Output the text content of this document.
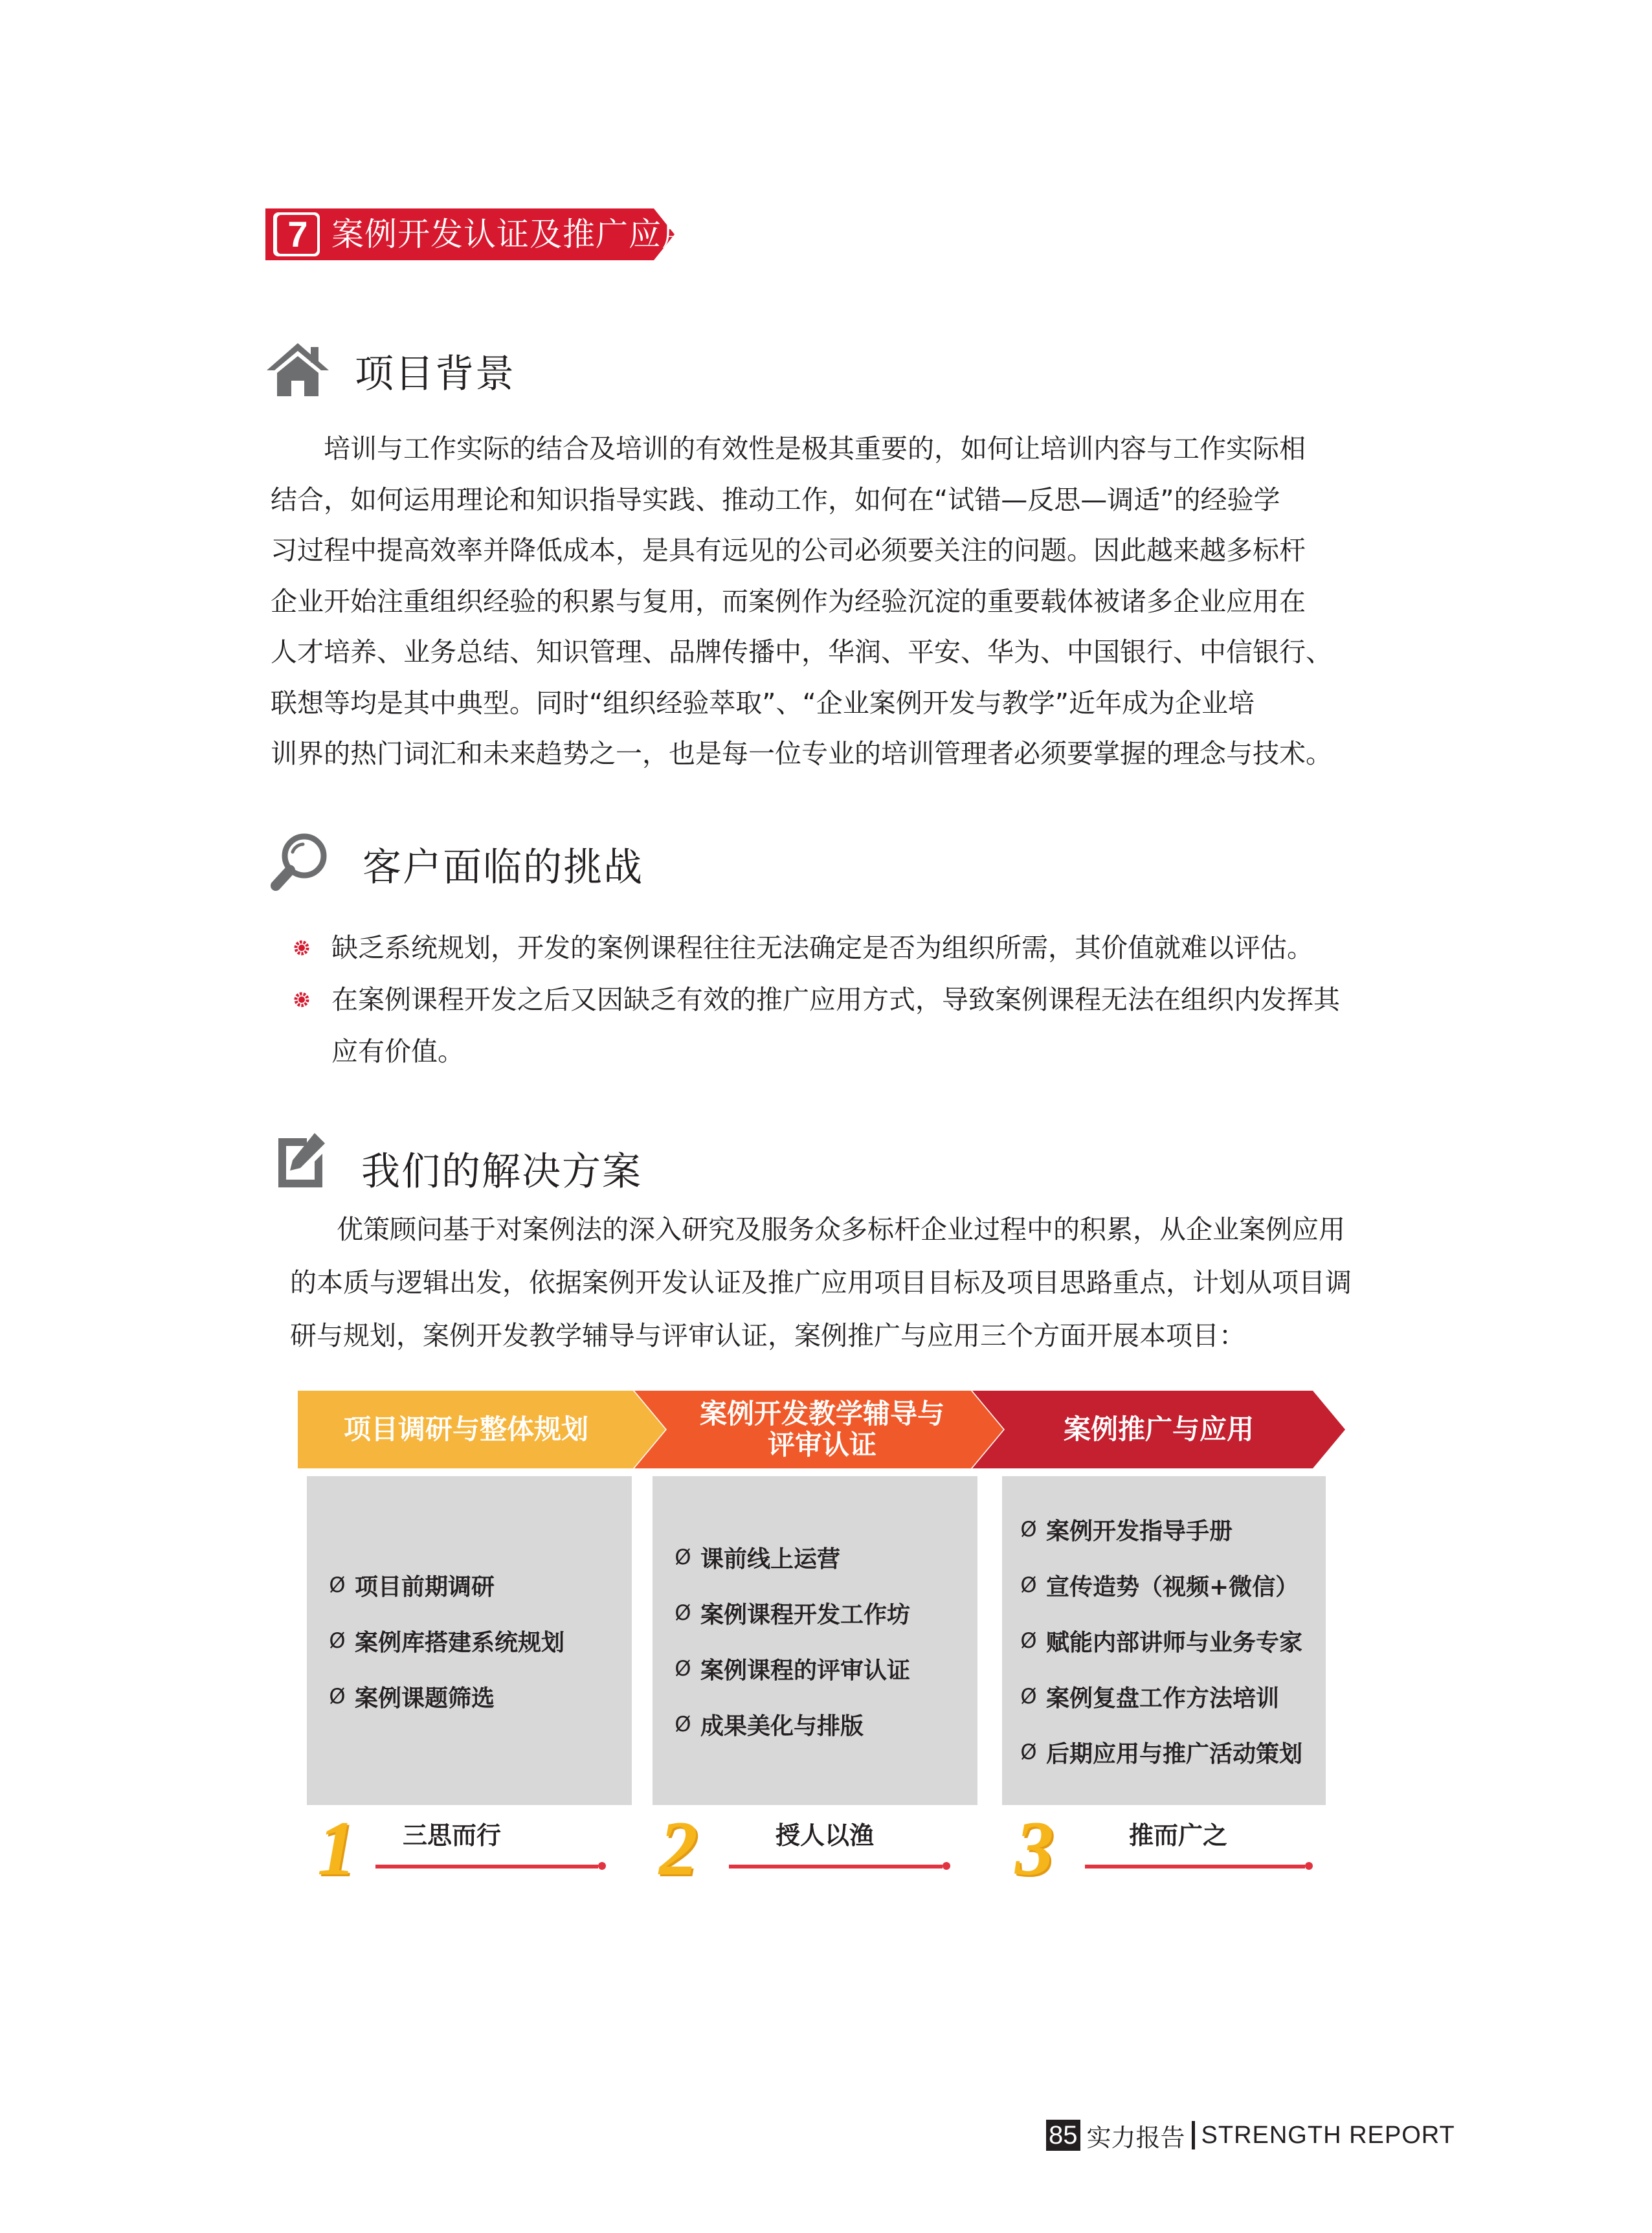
7 案例开发认证及推广应用
项目背景
培训与工作实际的结合及培训的有效性是极其重要的，如何让培训内容与工作实际相
结合，如何运用理论和知识指导实践、推动工作，如何在“试错—反思—调适”的经验学
习过程中提高效率并降低成本，是具有远见的公司必须要关注的问题。因此越来越多标杆
企业开始注重组织经验的积累与复用，而案例作为经验沉淀的重要载体被诸多企业应用在
人才培养、业务总结、知识管理、品牌传播中，华润、平安、华为、中国银行、中信银行、
联想等均是其中典型。同时“组织经验萃取”、“企业案例开发与教学”近年成为企业培
训界的热门词汇和未来趋势之一，也是每一位专业的培训管理者必须要掌握的理念与技术。
客户面临的挑战
缺乏系统规划，开发的案例课程往往无法确定是否为组织所需，其价值就难以评估。
在案例课程开发之后又因缺乏有效的推广应用方式，导致案例课程无法在组织内发挥其
应有价值。
我们的解决方案
优策顾问基于对案例法的深入研究及服务众多标杆企业过程中的积累，从企业案例应用
的本质与逻辑出发，依据案例开发认证及推广应用项目目标及项目思路重点，计划从项目调
研与规划，案例开发教学辅导与评审认证，案例推广与应用三个方面开展本项目：
项目调研与整体规划	案例开发教学辅导与
评审认证	案例推广与应用
Ø 项目前期调研
Ø 案例库搭建系统规划
Ø 案例课题筛选
Ø 课前线上运营
Ø 案例课程开发工作坊
Ø 案例课程的评审认证
Ø 成果美化与排版
Ø 案例开发指导手册
Ø 宣传造势（视频+微信）
Ø 赋能内部讲师与业务专家
Ø 案例复盘工作方法培训
Ø 后期应用与推广活动策划
1 三思而行 2	授人以渔 3	推而广之
85 实力报告 STRENGTH REPORT
